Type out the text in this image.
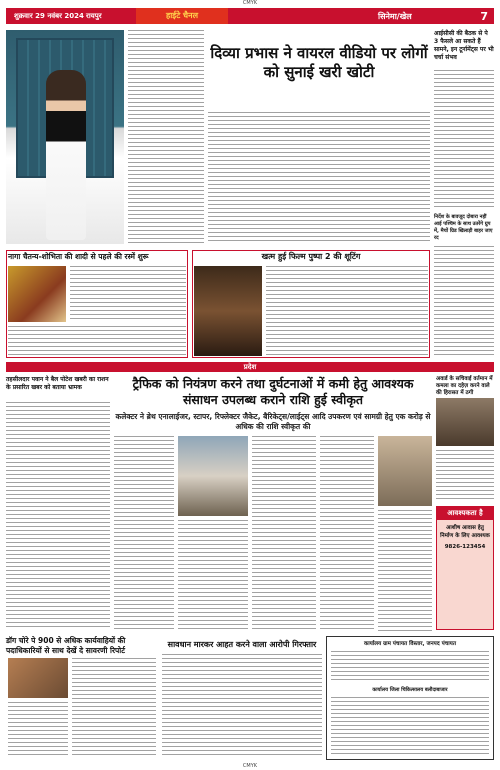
CMYK
शुक्रवार 29 नवंबर 2024 रायपुर	हाईटे चैनल	सिनेमा/खेल	7
दिव्या प्रभास ने वायरल वीडियो पर लोगों को सुनाई खरी खोटी
आईसीसी की बैठक से पे 3 फैसले आ सकते हैं सामने, इन टूर्नामेंट्स पर भी चर्चा संभव
निर्देश के बावजूद दोबारा नहीं आई पश्चिम के साथ उतरेंगे ग्रुप में, मैचों ग्रिड खिलाड़ी बाहर जाए रद
नागा चैतन्य-शोभिता की शादी से पहले की रस्में शुरू	खत्म हुई फिल्म पुष्पा 2 की शूटिंग
प्रदेश
तहसीलदार पवान ने बैल पोटेश खबरी का राशन के प्रसारित खबर को बताया भ्रामक	ट्रैफिक को नियंत्रण करने तथा दुर्घटनाओं में कमी हेतु आवश्यक संसाधन उपलब्ध कराने राशि हुई स्वीकृत
कलेक्टर ने ब्रेथ एनालाईजर, स्टापर, रिफ्लेक्टर जैकेट, बैरिकेट्स/लाईट्स आदि उपकरण एवं सामग्री हेतु एक करोड़ से अधिक की राशि स्वीकृत की
अवार्ड के सचिवाई वर्तमान में कमला का दहेज़ करने वाले की हिरासत में ठगी
आवश्यकता है
आशीष आवास हेतु निर्माण के लिए आवश्यक
9826-123454
डॉग चोरे पे 900 से अधिक कार्यवाहियों की पदाधिकारियों से साथ देखें दे सावरणी रिपोर्ट
सावधान मारकर आहत करने वाला आरोपी गिरफ्तार	कार्यालय ग्राम पंचायत विस्तार, जनपद पंचायत
कार्यालय जिला चिकित्सालय बलौदाबाजार
CMYK
